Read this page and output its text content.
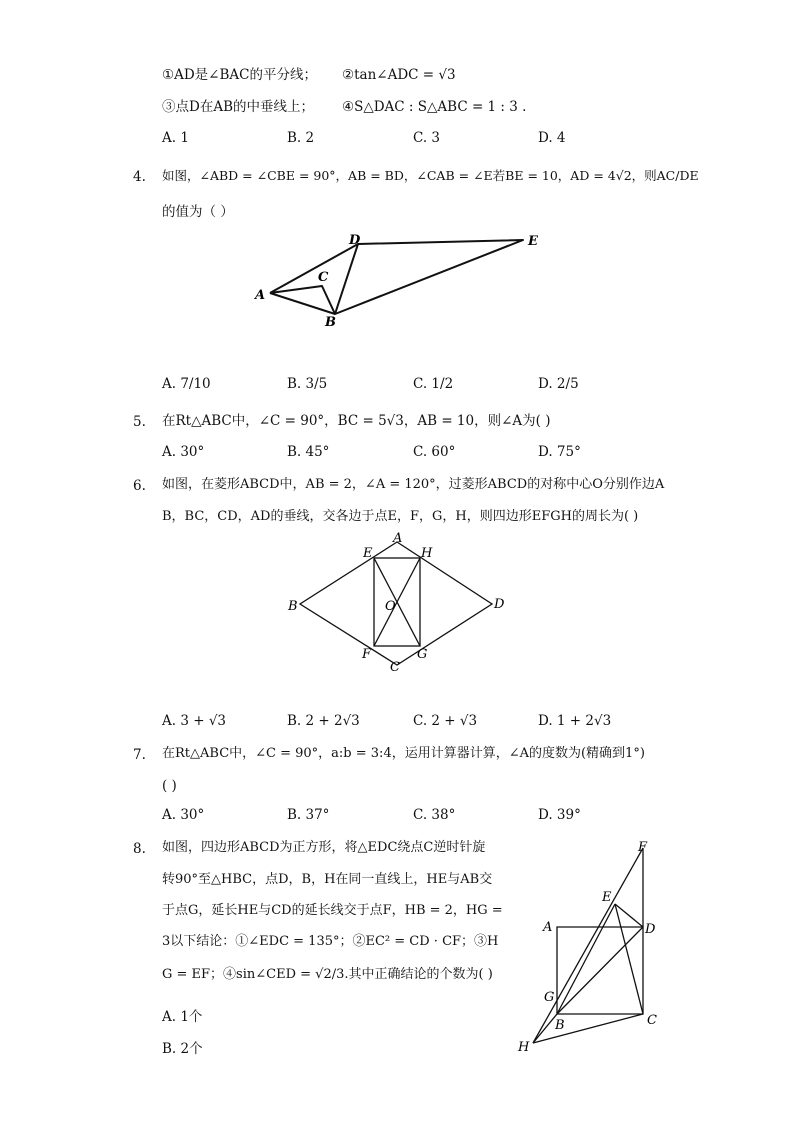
①AD是∠BAC的平分线； ②tan∠ADC = √3
③点D在AB的中垂线上； ④S△DAC : S△ABC = 1 : 3 .
A. 1	B. 2	C. 3	D. 4
4. 如图，∠ABD = ∠CBE = 90°，AB = BD，∠CAB = ∠E若BE = 10，AD = 4√2，则AC/DE
的值为（ ）
A
B
C
D	E
A. 7/10	B. 3/5	C. 1/2	D. 2/5
5. 在Rt△ABC中，∠C = 90°，BC = 5√3，AB = 10，则∠A为( )
A. 30°	B. 45°	C. 60°	D. 75°
6. 如图，在菱形ABCD中，AB = 2，∠A = 120°，过菱形ABCD的对称中心O分别作边A
B，BC，CD，AD的垂线，交各边于点E，F，G，H，则四边形EFGH的周长为( )
A
B
C
D
E
F	G
H
O
A. 3 + √3	B. 2 + 2√3	C. 2 + √3	D. 1 + 2√3
7. 在Rt△ABC中，∠C = 90°，a:b = 3:4，运用计算器计算，∠A的度数为(精确到1°)
( )
A. 30°	B. 37°	C. 38°	D. 39°
8. 如图，四边形ABCD为正方形，将△EDC绕点C逆时针旋
转90°至△HBC，点D，B，H在同一直线上，HE与AB交
于点G，延长HE与CD的延长线交于点F，HB = 2，HG =
3以下结论：①∠EDC = 135°；②EC² = CD · CF；③H
G = EF；④sin∠CED = √2/3.其中正确结论的个数为( )
A. 1个
B. 2个
F
E
A	D
G
B	C
H
